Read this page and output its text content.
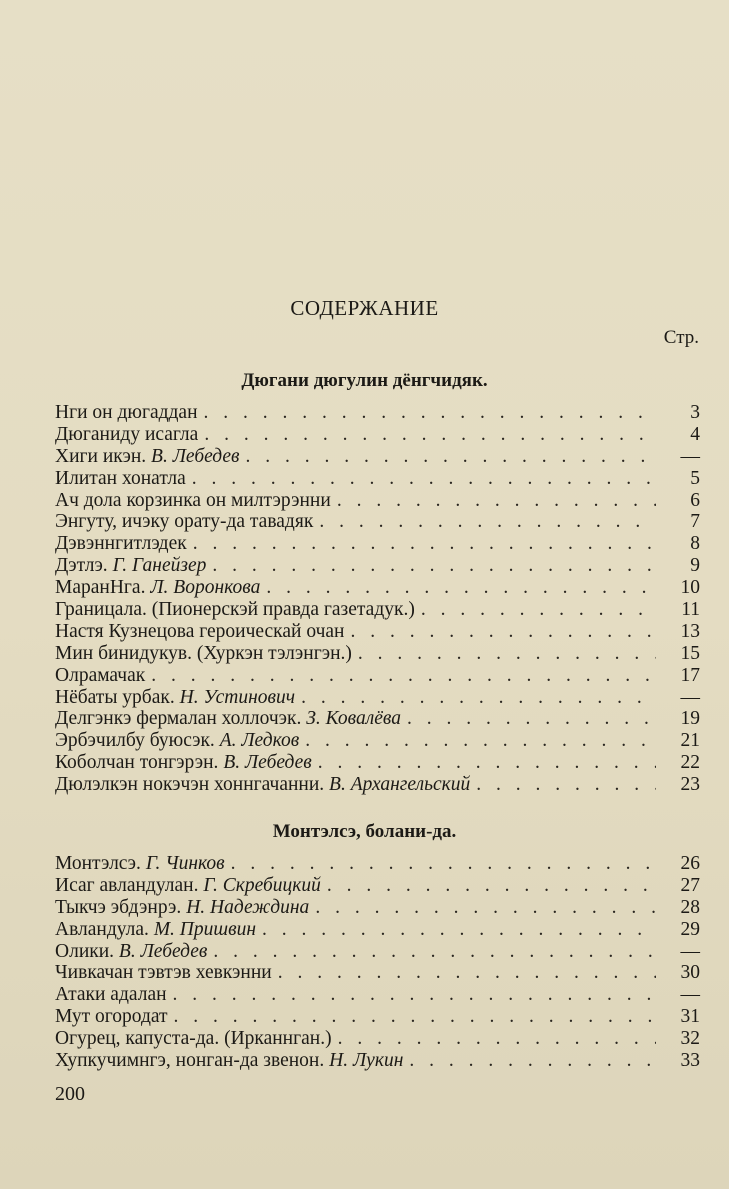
СОДЕРЖАНИЕ
Стр.
Дюгани дюгулин дёнгчидяк.
Нги он дюгаддан . . .	3
Дюганиду исагла . . .	4
Хиги икэн. В. Лебедев . . .	—
Илитан хонатла . . .	5
Ач дола корзинка он милтэрэнни . . .	6
Энгуту, ичэку орату-да тавадяк . . .	7
Дэвэннгитлэдек . . .	8
Дэтлэ. Г. Ганейзер . . .	9
МаранНга. Л. Воронкова . . .	10
Границала. (Пионерскэй правда газетадук.) . . .	11
Настя Кузнецова героическай очан . . .	13
Мин бинидукув. (Хуркэн тэлэнгэн.) . . .	15
Олрамачак . . .	17
Нёбаты урбак. Н. Устинович . . .	—
Делгэнкэ фермалан холлочэк. З. Ковалёва . . .	19
Эрбэчилбу буюсэк. А. Ледков . . .	21
Коболчан тонгэрэн. В. Лебедев . . .	22
Дюлэлкэн нокэчэн хоннгачанни. В. Архангельский . . .	23
Монтэлсэ, болани-да.
Монтэлсэ. Г. Чинков . . .	26
Исаг авландулан. Г. Скребицкий . . .	27
Тыкчэ эбдэнрэ. Н. Надеждина . . .	28
Авландула. М. Пришвин . . .	29
Олики. В. Лебедев . . .	—
Чивкачан тэвтэв хевкэнни . . .	30
Атаки адалан . . .	—
Мут огородат . . .	31
Огурец, капуста-да. (Ирканнган.) . . .	32
Хупкучимнгэ, нонган-да звенон. Н. Лукин . . .	33
200
